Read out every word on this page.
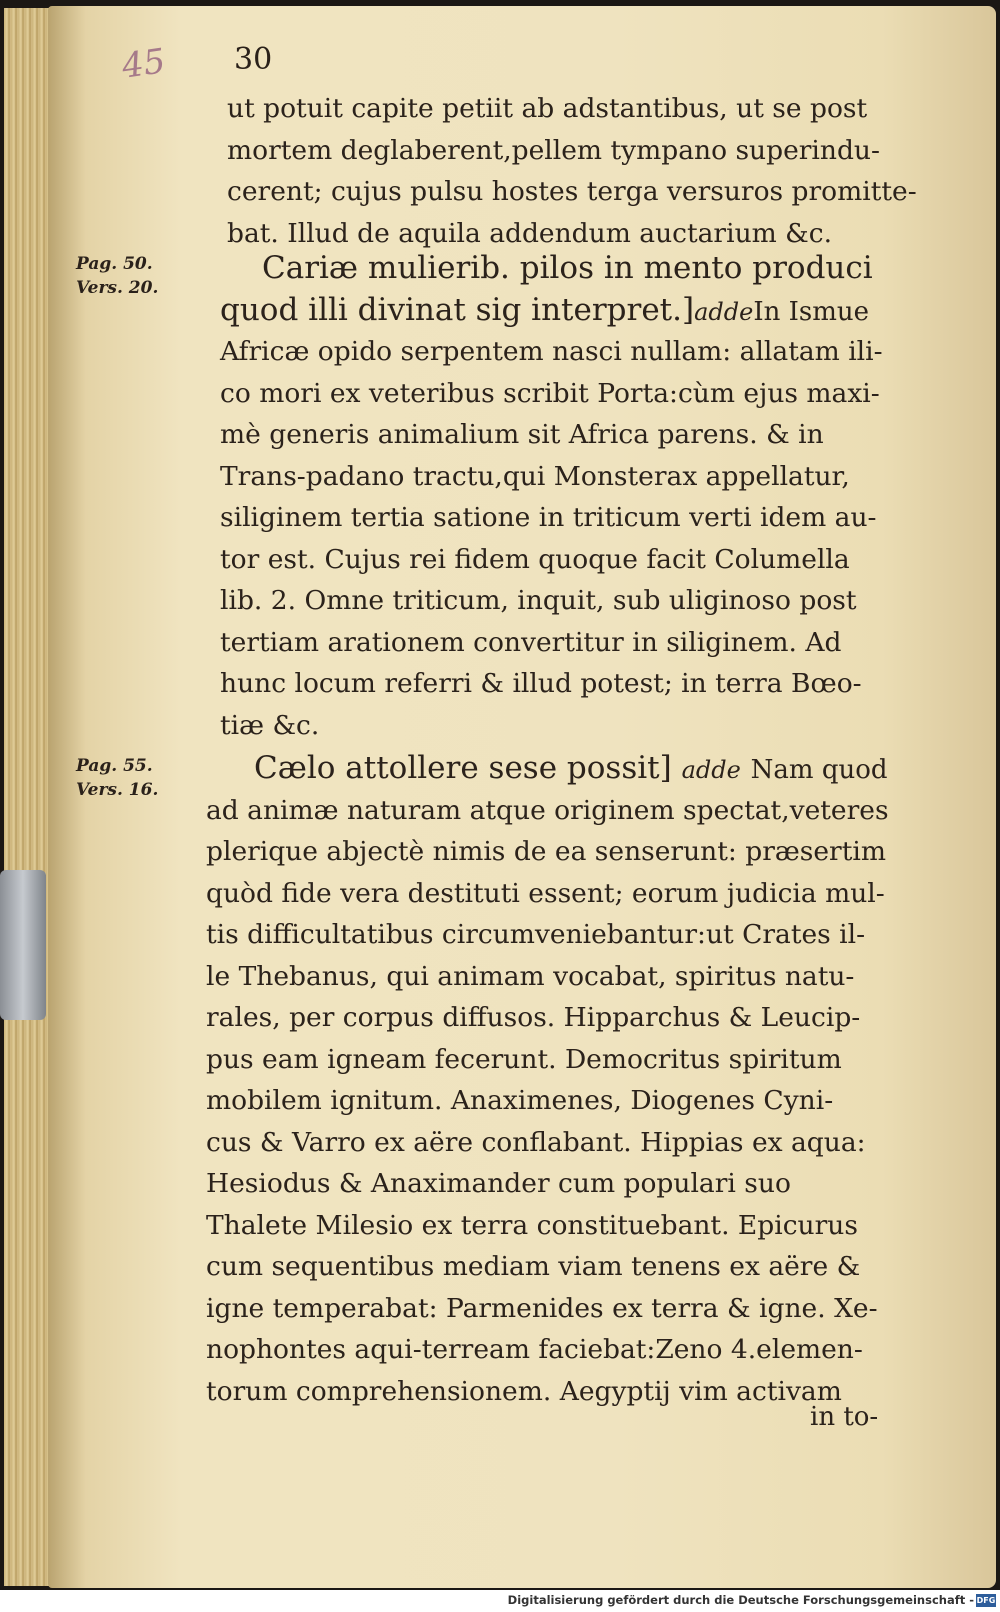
45 30
Pag. 50.
Vers. 20.
Pag. 55.
Vers. 16.
ut potuit capite petiit ab adstantibus, ut se post
mortem deglaberent,pellem tympano superindu-
cerent; cujus pulsu hostes terga versuros promitte-
bat. Illud de aquila addendum auctarium &c.
Cariæ mulierib. pilos in mento produci
quod illi divinat sig interpret.]addeIn Ismue
Africæ opido serpentem nasci nullam: allatam ili-
co mori ex veteribus scribit Porta:cùm ejus maxi-
mè generis animalium sit Africa parens. & in
Trans-padano tractu,qui Monsterax appellatur,
siliginem tertia satione in triticum verti idem au-
tor est. Cujus rei fidem quoque facit Columella
lib. 2. Omne triticum, inquit, sub uliginoso post
tertiam arationem convertitur in siliginem. Ad
hunc locum referri & illud potest; in terra Bœo-
tiæ &c.
Cælo attollere sese possit] adde Nam quod
ad animæ naturam atque originem spectat,veteres
plerique abjectè nimis de ea senserunt: præsertim
quòd fide vera destituti essent; eorum judicia mul-
tis difficultatibus circumveniebantur:ut Crates il-
le Thebanus, qui animam vocabat, spiritus natu-
rales, per corpus diffusos. Hipparchus & Leucip-
pus eam igneam fecerunt. Democritus spiritum
mobilem ignitum. Anaximenes, Diogenes Cyni-
cus & Varro ex aëre conflabant. Hippias ex aqua:
Hesiodus & Anaximander cum populari suo
Thalete Milesio ex terra constituebant. Epicurus
cum sequentibus mediam viam tenens ex aëre &
igne temperabat: Parmenides ex terra & igne. Xe-
nophontes aqui-terream faciebat:Zeno 4.elemen-
torum comprehensionem. Aegyptij vim activam
in to-
Digitalisierung gefördert durch die Deutsche Forschungsgemeinschaft - DFG
